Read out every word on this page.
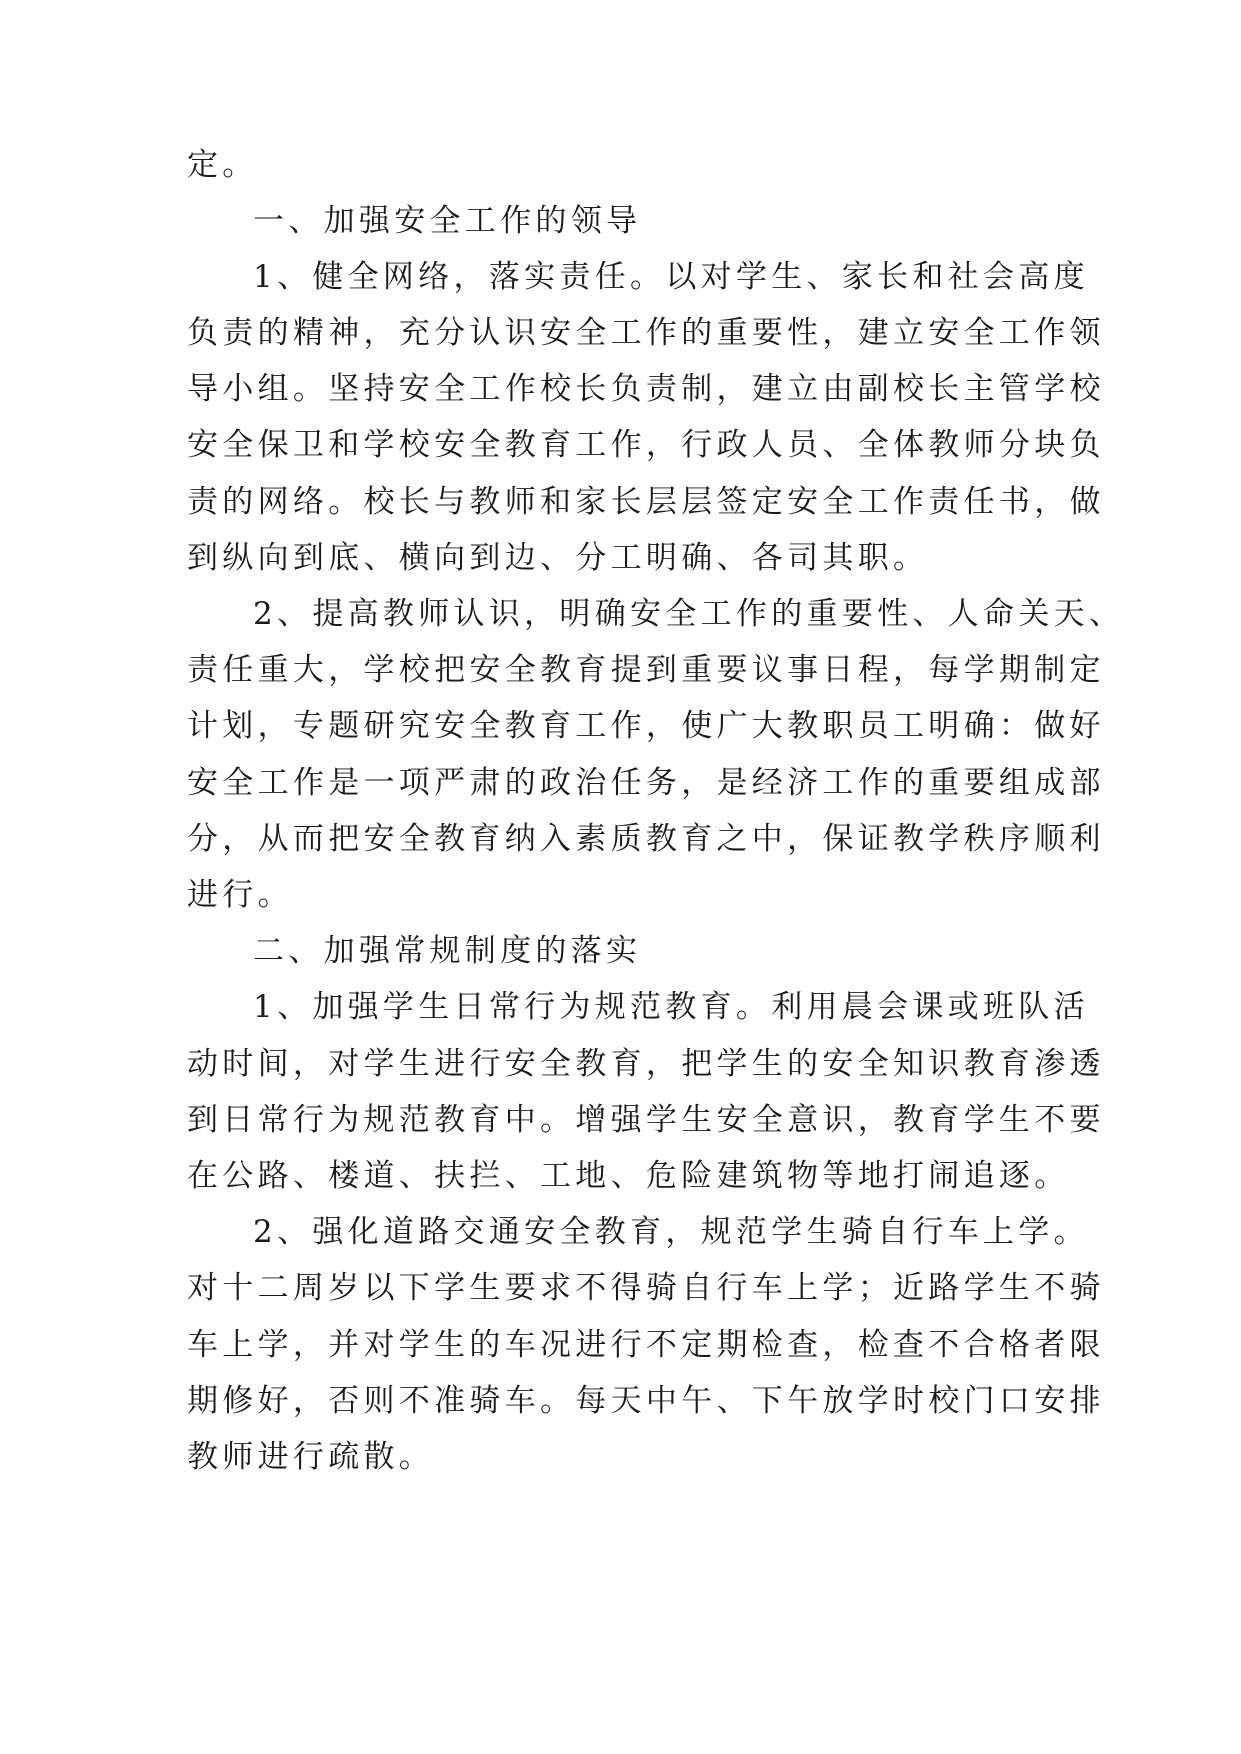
定。
一、加强安全工作的领导
1、健全网络，落实责任。以对学生、家长和社会高度
负责的精神，充分认识安全工作的重要性，建立安全工作领
导小组。坚持安全工作校长负责制，建立由副校长主管学校
安全保卫和学校安全教育工作，行政人员、全体教师分块负
责的网络。校长与教师和家长层层签定安全工作责任书，做
到纵向到底、横向到边、分工明确、各司其职。
2、提高教师认识，明确安全工作的重要性、人命关天、
责任重大，学校把安全教育提到重要议事日程，每学期制定
计划，专题研究安全教育工作，使广大教职员工明确：做好
安全工作是一项严肃的政治任务，是经济工作的重要组成部
分，从而把安全教育纳入素质教育之中，保证教学秩序顺利
进行。
二、加强常规制度的落实
1、加强学生日常行为规范教育。利用晨会课或班队活
动时间，对学生进行安全教育，把学生的安全知识教育渗透
到日常行为规范教育中。增强学生安全意识，教育学生不要
在公路、楼道、扶拦、工地、危险建筑物等地打闹追逐。
2、强化道路交通安全教育，规范学生骑自行车上学。
对十二周岁以下学生要求不得骑自行车上学；近路学生不骑
车上学，并对学生的车况进行不定期检查，检查不合格者限
期修好，否则不准骑车。每天中午、下午放学时校门口安排
教师进行疏散。
